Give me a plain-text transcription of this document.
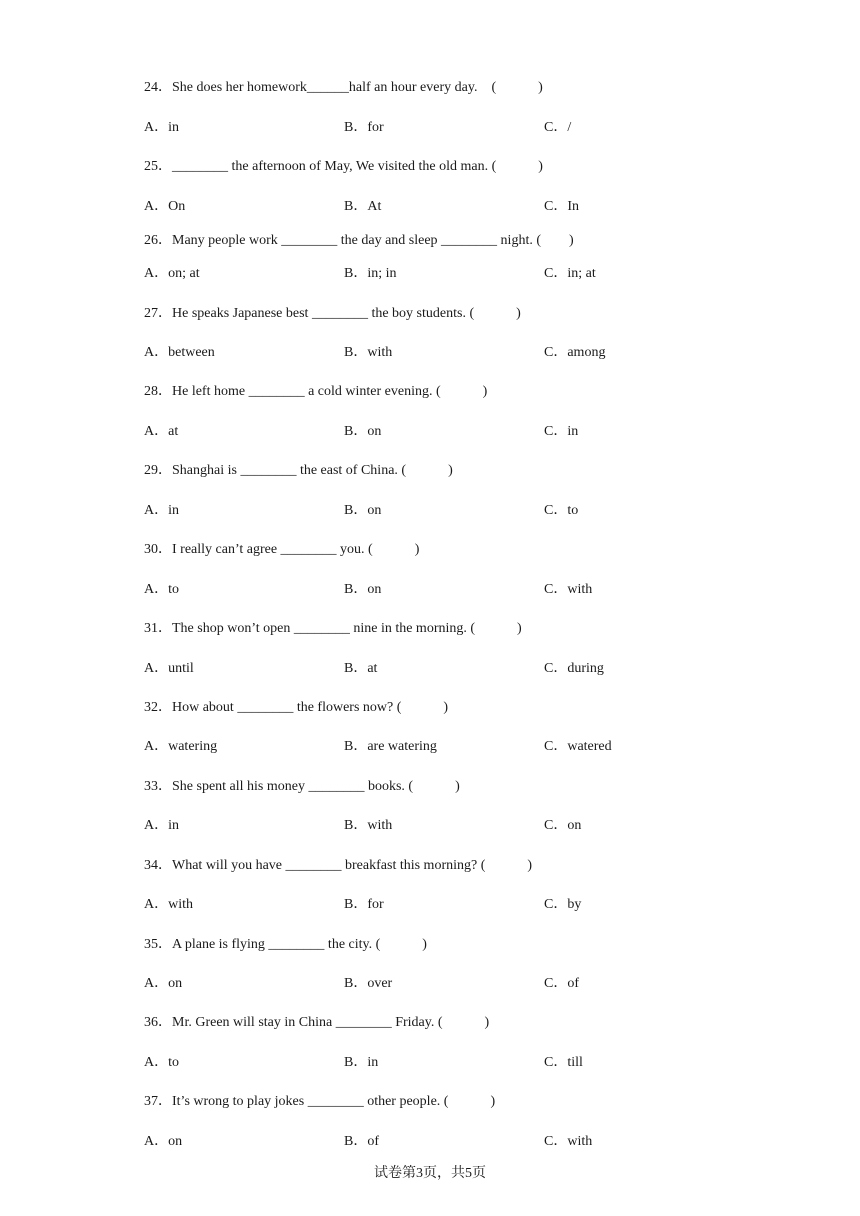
24．She does her homework______half an hour every day.    (            )
A．in	B．for	C．/
25．________ the afternoon of May, We visited the old man. (            )
A．On	B．At	C．In
26．Many people work ________ the day and sleep ________ night. (        )
A．on; at	B．in; in	C．in; at
27．He speaks Japanese best ________ the boy students. (            )
A．between	B．with	C．among
28．He left home ________ a cold winter evening. (            )
A．at	B．on	C．in
29．Shanghai is ________ the east of China. (            )
A．in	B．on	C．to
30．I really can’t agree ________ you. (            )
A．to	B．on	C．with
31．The shop won’t open ________ nine in the morning. (            )
A．until	B．at	C．during
32．How about ________ the flowers now? (            )
A．watering	B．are watering	C．watered
33．She spent all his money ________ books. (            )
A．in	B．with	C．on
34．What will you have ________ breakfast this morning? (            )
A．with	B．for	C．by
35．A plane is flying ________ the city. (            )
A．on	B．over	C．of
36．Mr. Green will stay in China ________ Friday. (            )
A．to	B．in	C．till
37．It’s wrong to play jokes ________ other people. (            )
A．on	B．of	C．with
试卷第3页，共5页
